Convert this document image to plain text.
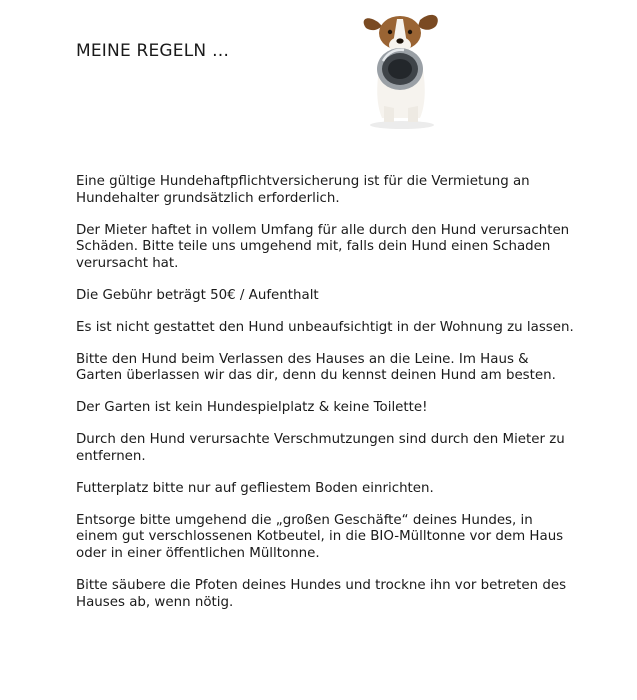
MEINE REGELN …
Eine gültige Hundehaftpflichtversicherung ist für die Vermietung an Hundehalter grundsätzlich erforderlich.
Der Mieter haftet in vollem Umfang für alle durch den Hund verursachten Schäden. Bitte teile uns umgehend mit, falls dein Hund einen Schaden verursacht hat.
Die Gebühr beträgt 50€ / Aufenthalt
Es ist nicht gestattet den Hund unbeaufsichtigt in der Wohnung zu lassen.
Bitte den Hund beim Verlassen des Hauses an die Leine. Im Haus & Garten überlassen wir das dir, denn du kennst deinen Hund am besten.
Der Garten ist kein Hundespielplatz & keine Toilette!
Durch den Hund verursachte Verschmutzungen sind durch den Mieter zu entfernen.
Futterplatz bitte nur auf gefliestem Boden einrichten.
Entsorge bitte umgehend die „großen Geschäfte“ deines Hundes, in einem gut verschlossenen Kotbeutel, in die BIO-Mülltonne vor dem Haus oder in einer öffentlichen Mülltonne.
Bitte säubere die Pfoten deines Hundes und trockne ihn vor betreten des Hauses ab, wenn nötig.
